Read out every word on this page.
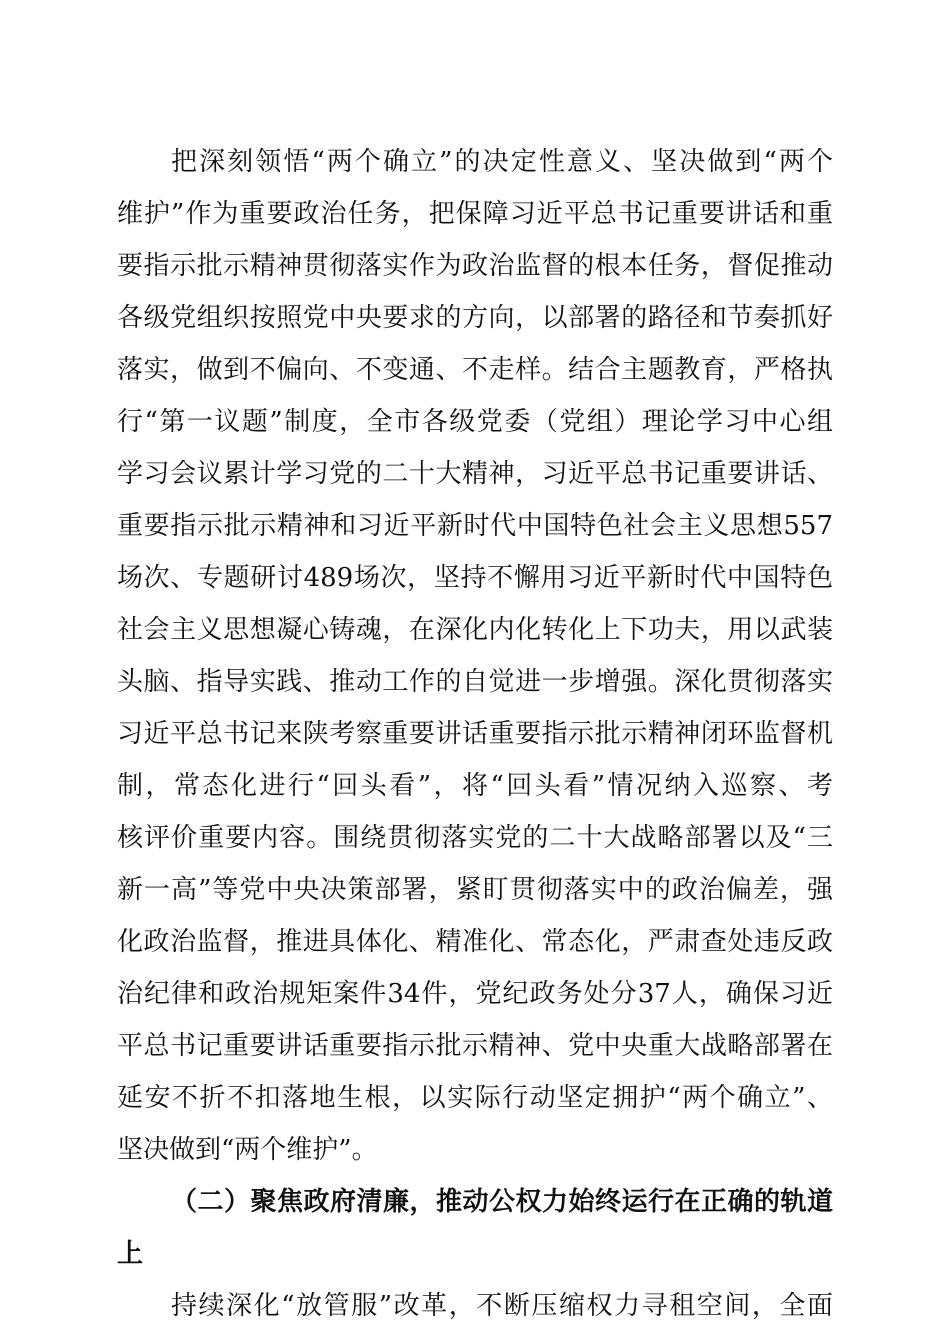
把深刻领悟“两个确立”的决定性意义、坚决做到“两个
维护”作为重要政治任务，把保障习近平总书记重要讲话和重
要指示批示精神贯彻落实作为政治监督的根本任务，督促推动
各级党组织按照党中央要求的方向，以部署的路径和节奏抓好
落实，做到不偏向、不变通、不走样。结合主题教育，严格执
行“第一议题”制度，全市各级党委（党组）理论学习中心组
学习会议累计学习党的二十大精神，习近平总书记重要讲话、
重要指示批示精神和习近平新时代中国特色社会主义思想557
场次、专题研讨489场次，坚持不懈用习近平新时代中国特色
社会主义思想凝心铸魂，在深化内化转化上下功夫，用以武装
头脑、指导实践、推动工作的自觉进一步增强。深化贯彻落实
习近平总书记来陕考察重要讲话重要指示批示精神闭环监督机
制，常态化进行“回头看”，将“回头看”情况纳入巡察、考
核评价重要内容。围绕贯彻落实党的二十大战略部署以及“三
新一高”等党中央决策部署，紧盯贯彻落实中的政治偏差，强
化政治监督，推进具体化、精准化、常态化，严肃查处违反政
治纪律和政治规矩案件34件，党纪政务处分37人，确保习近
平总书记重要讲话重要指示批示精神、党中央重大战略部署在
延安不折不扣落地生根，以实际行动坚定拥护“两个确立”、
坚决做到“两个维护”。
（二）聚焦政府清廉，推动公权力始终运行在正确的轨道
上
持续深化“放管服”改革，不断压缩权力寻租空间，全面
